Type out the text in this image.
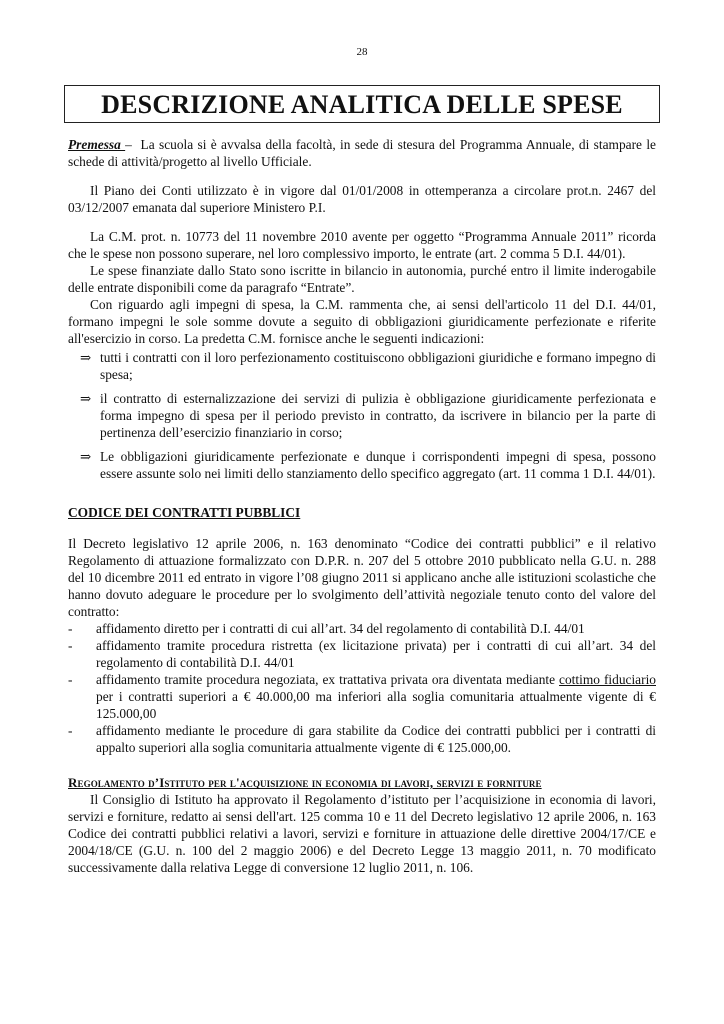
28
DESCRIZIONE ANALITICA DELLE SPESE

Premessa – La scuola si è avvalsa della facoltà, in sede di stesura del Programma Annuale, di stampare le schede di attività/progetto al livello Ufficiale.

Il Piano dei Conti utilizzato è in vigore dal 01/01/2008 in ottemperanza a circolare prot.n. 2467 del 03/12/2007 emanata dal superiore Ministero P.I.

La C.M. prot. n. 10773 del 11 novembre 2010 avente per oggetto “Programma Annuale 2011” ricorda che le spese non possono superare, nel loro complessivo importo, le entrate (art. 2 comma 5 D.I. 44/01).

Le spese finanziate dallo Stato sono iscritte in bilancio in autonomia, purché entro il limite inderogabile delle entrate disponibili come da paragrafo “Entrate”.

Con riguardo agli impegni di spesa, la C.M. rammenta che, ai sensi dell'articolo 11 del D.I. 44/01, formano impegni le sole somme dovute a seguito di obbligazioni giuridicamente perfezionate e riferite all'esercizio in corso. La predetta C.M. fornisce anche le seguenti indicazioni:

⇒ tutti i contratti con il loro perfezionamento costituiscono obbligazioni giuridiche e formano impegno di spesa;
⇒ il contratto di esternalizzazione dei servizi di pulizia è obbligazione giuridicamente perfezionata e forma impegno di spesa per il periodo previsto in contratto, da iscrivere in bilancio per la parte di pertinenza dell’esercizio finanziario in corso;
⇒ Le obbligazioni giuridicamente perfezionate e dunque i corrispondenti impegni di spesa, possono essere assunte solo nei limiti dello stanziamento dello specifico aggregato (art. 11 comma 1 D.I. 44/01).
CODICE DEI CONTRATTI PUBBLICI

Il Decreto legislativo 12 aprile 2006, n. 163 denominato “Codice dei contratti pubblici” e il relativo Regolamento di attuazione formalizzato con D.P.R. n. 207 del 5 ottobre 2010 pubblicato nella G.U. n. 288 del 10 dicembre 2011 ed entrato in vigore l’08 giugno 2011 si applicano anche alle istituzioni scolastiche che hanno dovuto adeguare le procedure per lo svolgimento dell’attività negoziale tenuto conto del valore del contratto:

- affidamento diretto per i contratti di cui all’art. 34 del regolamento di contabilità D.I. 44/01
- affidamento tramite procedura ristretta (ex licitazione privata) per i contratti di cui all’art. 34 del regolamento di contabilità D.I. 44/01
- affidamento tramite procedura negoziata, ex trattativa privata ora diventata mediante cottimo fiduciario per i contratti superiori a € 40.000,00 ma inferiori alla soglia comunitaria attualmente vigente di € 125.000,00
- affidamento mediante le procedure di gara stabilite da Codice dei contratti pubblici per i contratti di appalto superiori alla soglia comunitaria attualmente vigente di € 125.000,00.
Regolamento d’Istituto per l'acquisizione in economia di lavori, servizi e forniture

Il Consiglio di Istituto ha approvato il Regolamento d’istituto per l’acquisizione in economia di lavori, servizi e forniture, redatto ai sensi dell'art. 125 comma 10 e 11 del Decreto legislativo 12 aprile 2006, n. 163 Codice dei contratti pubblici relativi a lavori, servizi e forniture in attuazione delle direttive 2004/17/CE e 2004/18/CE (G.U. n. 100 del 2 maggio 2006) e del Decreto Legge 13 maggio 2011, n. 70 modificato successivamente dalla relativa Legge di conversione 12 luglio 2011, n. 106.
